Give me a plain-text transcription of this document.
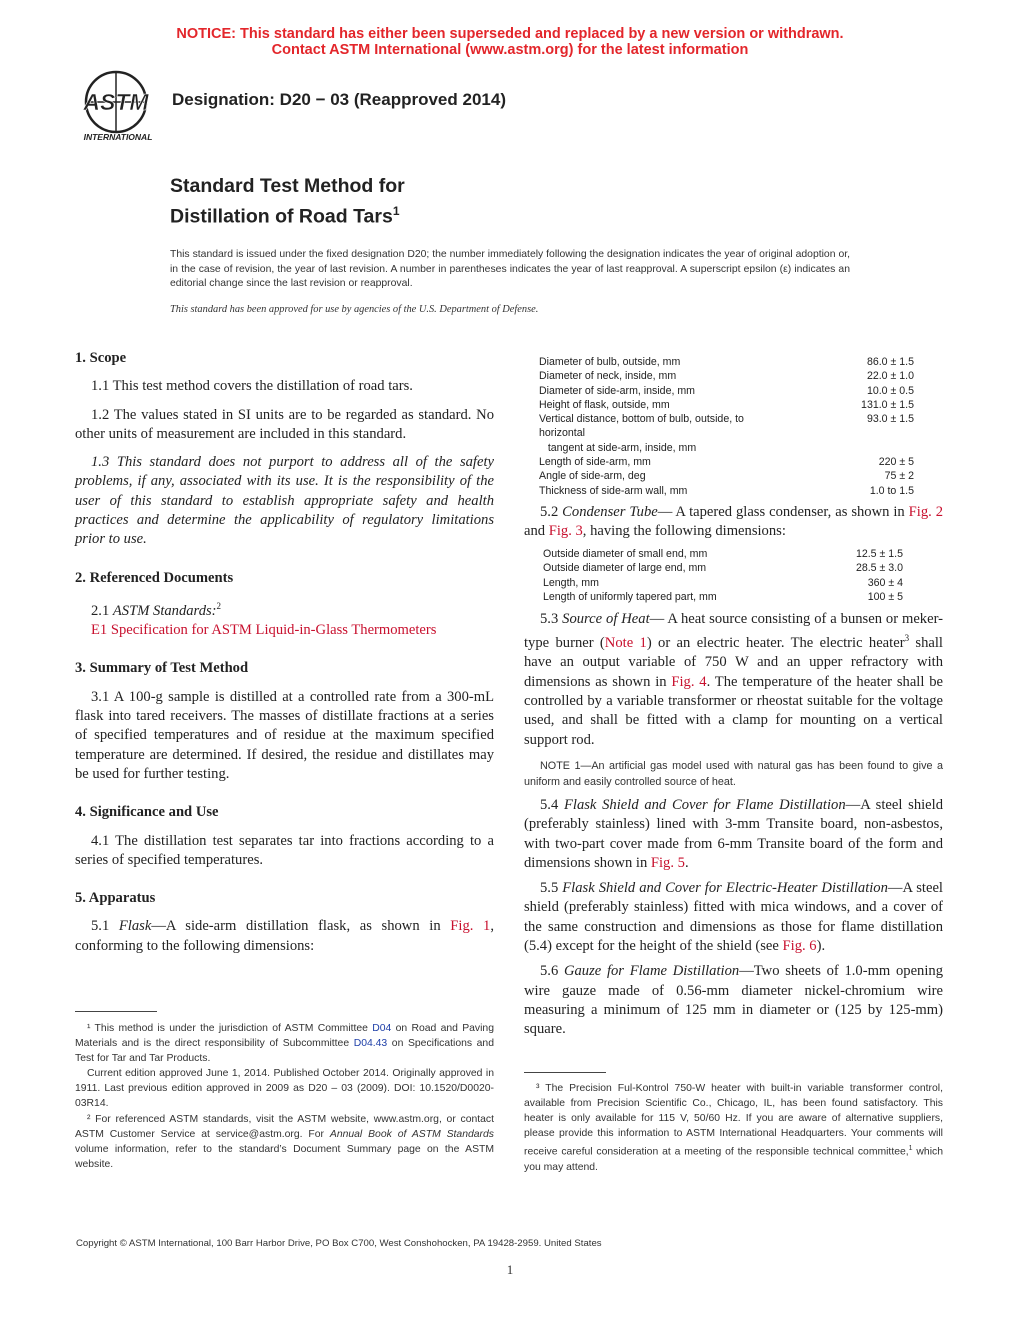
NOTICE: This standard has either been superseded and replaced by a new version or withdrawn.
Contact ASTM International (www.astm.org) for the latest information
ASTM
INTERNATIONAL
Designation: D20 − 03 (Reapproved 2014)
Standard Test Method for
Distillation of Road Tars$^1$
This standard is issued under the fixed designation D20; the number immediately following the designation indicates the year of original adoption or, in the case of revision, the year of last revision. A number in parentheses indicates the year of last reapproval. A superscript epsilon (ε) indicates an editorial change since the last revision or reapproval.
This standard has been approved for use by agencies of the U.S. Department of Defense.

1. Scope

1.1 This test method covers the distillation of road tars.

1.2 The values stated in SI units are to be regarded as standard. No other units of measurement are included in this standard.

1.3 This standard does not purport to address all of the safety problems, if any, associated with its use. It is the responsibility of the user of this standard to establish appropriate safety and health practices and determine the applicability of regulatory limitations prior to use.

2. Referenced Documents

2.1 ASTM Standards:$^2$

E1 Specification for ASTM Liquid-in-Glass Thermometers

3. Summary of Test Method

3.1 A 100-g sample is distilled at a controlled rate from a 300-mL flask into tared receivers. The masses of distillate fractions at a series of specified temperatures and of residue at the maximum specified temperature are determined. If desired, the residue and distillates may be used for further testing.

4. Significance and Use

4.1 The distillation test separates tar into fractions according to a series of specified temperatures.

5. Apparatus

5.1 Flask—A side-arm distillation flask, as shown in Fig. 1, conforming to the following dimensions:

¹ This method is under the jurisdiction of ASTM Committee D04 on Road and Paving Materials and is the direct responsibility of Subcommittee D04.43 on Specifications and Test for Tar and Tar Products.

Current edition approved June 1, 2014. Published October 2014. Originally approved in 1911. Last previous edition approved in 2009 as D20 – 03 (2009). DOI: 10.1520/D0020-03R14.

² For referenced ASTM standards, visit the ASTM website, www.astm.org, or contact ASTM Customer Service at service@astm.org. For Annual Book of ASTM Standards volume information, refer to the standard’s Document Summary page on the ASTM website.

Diameter of bulb, outside, mm	86.0 ± 1.5
Diameter of neck, inside, mm	22.0 ± 1.0
Diameter of side-arm, inside, mm	10.0 ± 0.5
Height of flask, outside, mm	131.0 ± 1.5
Vertical distance, bottom of bulb, outside, to	93.0 ± 1.5
horizontal
tangent at side-arm, inside, mm
Length of side-arm, mm	220 ± 5
Angle of side-arm, deg	75 ± 2
Thickness of side-arm wall, mm	1.0 to 1.5

5.2 Condenser Tube— A tapered glass condenser, as shown in Fig. 2 and Fig. 3, having the following dimensions:

Outside diameter of small end, mm	12.5 ± 1.5
Outside diameter of large end, mm	28.5 ± 3.0
Length, mm	360 ± 4
Length of uniformly tapered part, mm	100 ± 5

5.3 Source of Heat— A heat source consisting of a bunsen or meker-type burner (Note 1) or an electric heater. The electric heater$^3$ shall have an output variable of 750 W and an upper refractory with dimensions as shown in Fig. 4. The temperature of the heater shall be controlled by a variable transformer or rheostat suitable for the voltage used, and shall be fitted with a clamp for mounting on a vertical support rod.

NOTE 1—An artificial gas model used with natural gas has been found to give a uniform and easily controlled source of heat.

5.4 Flask Shield and Cover for Flame Distillation—A steel shield (preferably stainless) lined with 3-mm Transite board, non-asbestos, with two-part cover made from 6-mm Transite board of the form and dimensions shown in Fig. 5.

5.5 Flask Shield and Cover for Electric-Heater Distillation—A steel shield (preferably stainless) fitted with mica windows, and a cover of the same construction and dimensions as those for flame distillation (5.4) except for the height of the shield (see Fig. 6).

5.6 Gauze for Flame Distillation—Two sheets of 1.0-mm opening wire gauze made of 0.56-mm diameter nickel-chromium wire measuring a minimum of 125 mm in diameter or (125 by 125-mm) square.

³ The Precision Ful-Kontrol 750-W heater with built-in variable transformer control, available from Precision Scientific Co., Chicago, IL, has been found satisfactory. This heater is only available for 115 V, 50/60 Hz. If you are aware of alternative suppliers, please provide this information to ASTM International Headquarters. Your comments will receive careful consideration at a meeting of the responsible technical committee,$^1$ which you may attend.

Copyright © ASTM International, 100 Barr Harbor Drive, PO Box C700, West Conshohocken, PA 19428-2959. United States
1
